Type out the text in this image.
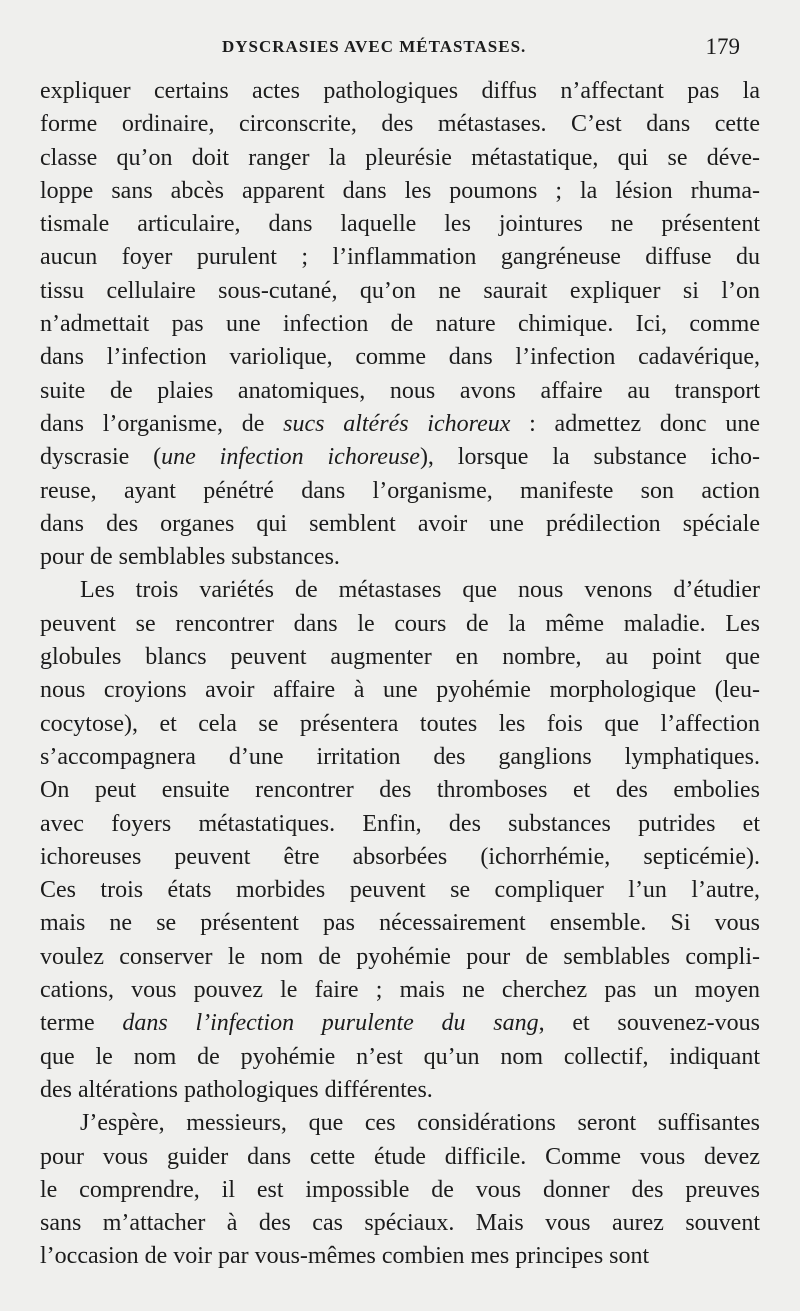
DYSCRASIES AVEC MÉTASTASES.	179
expliquer certains actes pathologiques diffus n’affectant pas la
forme ordinaire, circonscrite, des métastases. C’est dans cette
classe qu’on doit ranger la pleurésie métastatique, qui se déve-
loppe sans abcès apparent dans les poumons ; la lésion rhuma-
tismale articulaire, dans laquelle les jointures ne présentent
aucun foyer purulent ; l’inflammation gangréneuse diffuse du
tissu cellulaire sous-cutané, qu’on ne saurait expliquer si l’on
n’admettait pas une infection de nature chimique. Ici, comme
dans l’infection variolique, comme dans l’infection cadavérique,
suite de plaies anatomiques, nous avons affaire au transport
dans l’organisme, de sucs altérés ichoreux : admettez donc une
dyscrasie (une infection ichoreuse), lorsque la substance icho-
reuse, ayant pénétré dans l’organisme, manifeste son action
dans des organes qui semblent avoir une prédilection spéciale
pour de semblables substances.
Les trois variétés de métastases que nous venons d’étudier
peuvent se rencontrer dans le cours de la même maladie. Les
globules blancs peuvent augmenter en nombre, au point que
nous croyions avoir affaire à une pyohémie morphologique (leu-
cocytose), et cela se présentera toutes les fois que l’affection
s’accompagnera d’une irritation des ganglions lymphatiques.
On peut ensuite rencontrer des thromboses et des embolies
avec foyers métastatiques. Enfin, des substances putrides et
ichoreuses peuvent être absorbées (ichorrhémie, septicémie).
Ces trois états morbides peuvent se compliquer l’un l’autre,
mais ne se présentent pas nécessairement ensemble. Si vous
voulez conserver le nom de pyohémie pour de semblables compli-
cations, vous pouvez le faire ; mais ne cherchez pas un moyen
terme dans l’infection purulente du sang, et souvenez-vous
que le nom de pyohémie n’est qu’un nom collectif, indiquant
des altérations pathologiques différentes.
J’espère, messieurs, que ces considérations seront suffisantes
pour vous guider dans cette étude difficile. Comme vous devez
le comprendre, il est impossible de vous donner des preuves
sans m’attacher à des cas spéciaux. Mais vous aurez souvent
l’occasion de voir par vous-mêmes combien mes principes sont
